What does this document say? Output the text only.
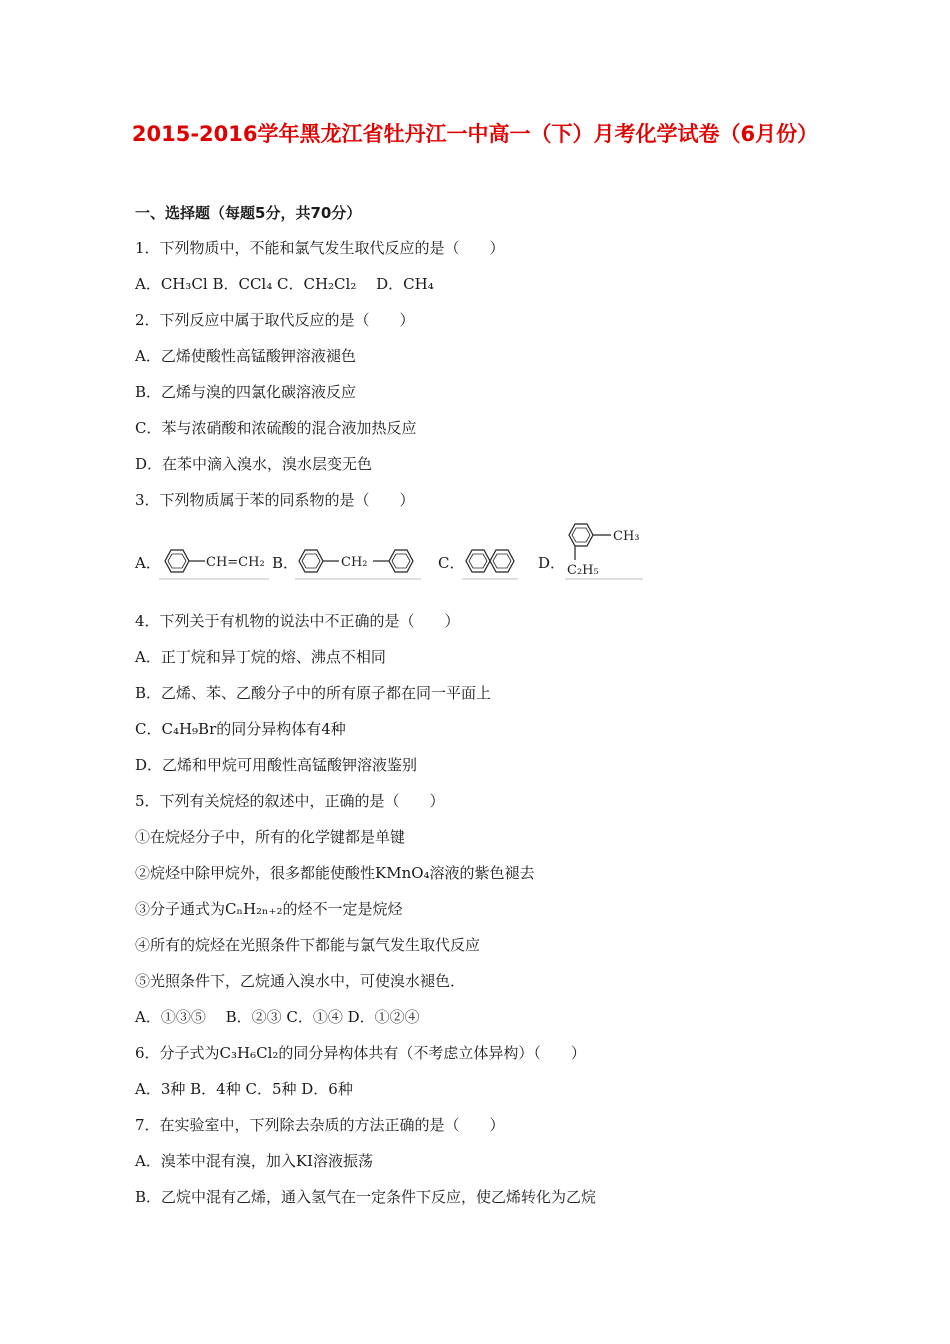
2015-2016学年黑龙江省牡丹江一中高一（下）月考化学试卷（6月份）
一、选择题（每题5分，共70分）
1．下列物质中，不能和氯气发生取代反应的是（　　）
A．CH₃Cl B．CCl₄ C．CH₂Cl₂　 D．CH₄
2．下列反应中属于取代反应的是（　　）
A．乙烯使酸性高锰酸钾溶液褪色
B．乙烯与溴的四氯化碳溶液反应
C．苯与浓硝酸和浓硫酸的混合液加热反应
D．在苯中滴入溴水，溴水层变无色
3．下列物质属于苯的同系物的是（　　）
A．	B．	C．	D．
CH=CH₂	CH₂
CH₃
C₂H₅
4．下列关于有机物的说法中不正确的是（　　）
A．正丁烷和异丁烷的熔、沸点不相同
B．乙烯、苯、乙酸分子中的所有原子都在同一平面上
C．C₄H₉Br的同分异构体有4种
D．乙烯和甲烷可用酸性高锰酸钾溶液鉴别
5．下列有关烷烃的叙述中，正确的是（　　）
①在烷烃分子中，所有的化学键都是单键
②烷烃中除甲烷外，很多都能使酸性KMnO₄溶液的紫色褪去
③分子通式为CₙH₂ₙ₊₂的烃不一定是烷烃
④所有的烷烃在光照条件下都能与氯气发生取代反应
⑤光照条件下，乙烷通入溴水中，可使溴水褪色．
A．①③⑤　 B．②③ C．①④ D．①②④
6．分子式为C₃H₆Cl₂的同分异构体共有（不考虑立体异构）（　　）
A．3种 B．4种 C．5种 D．6种
7．在实验室中，下列除去杂质的方法正确的是（　　）
A．溴苯中混有溴，加入KI溶液振荡
B．乙烷中混有乙烯，通入氢气在一定条件下反应，使乙烯转化为乙烷
